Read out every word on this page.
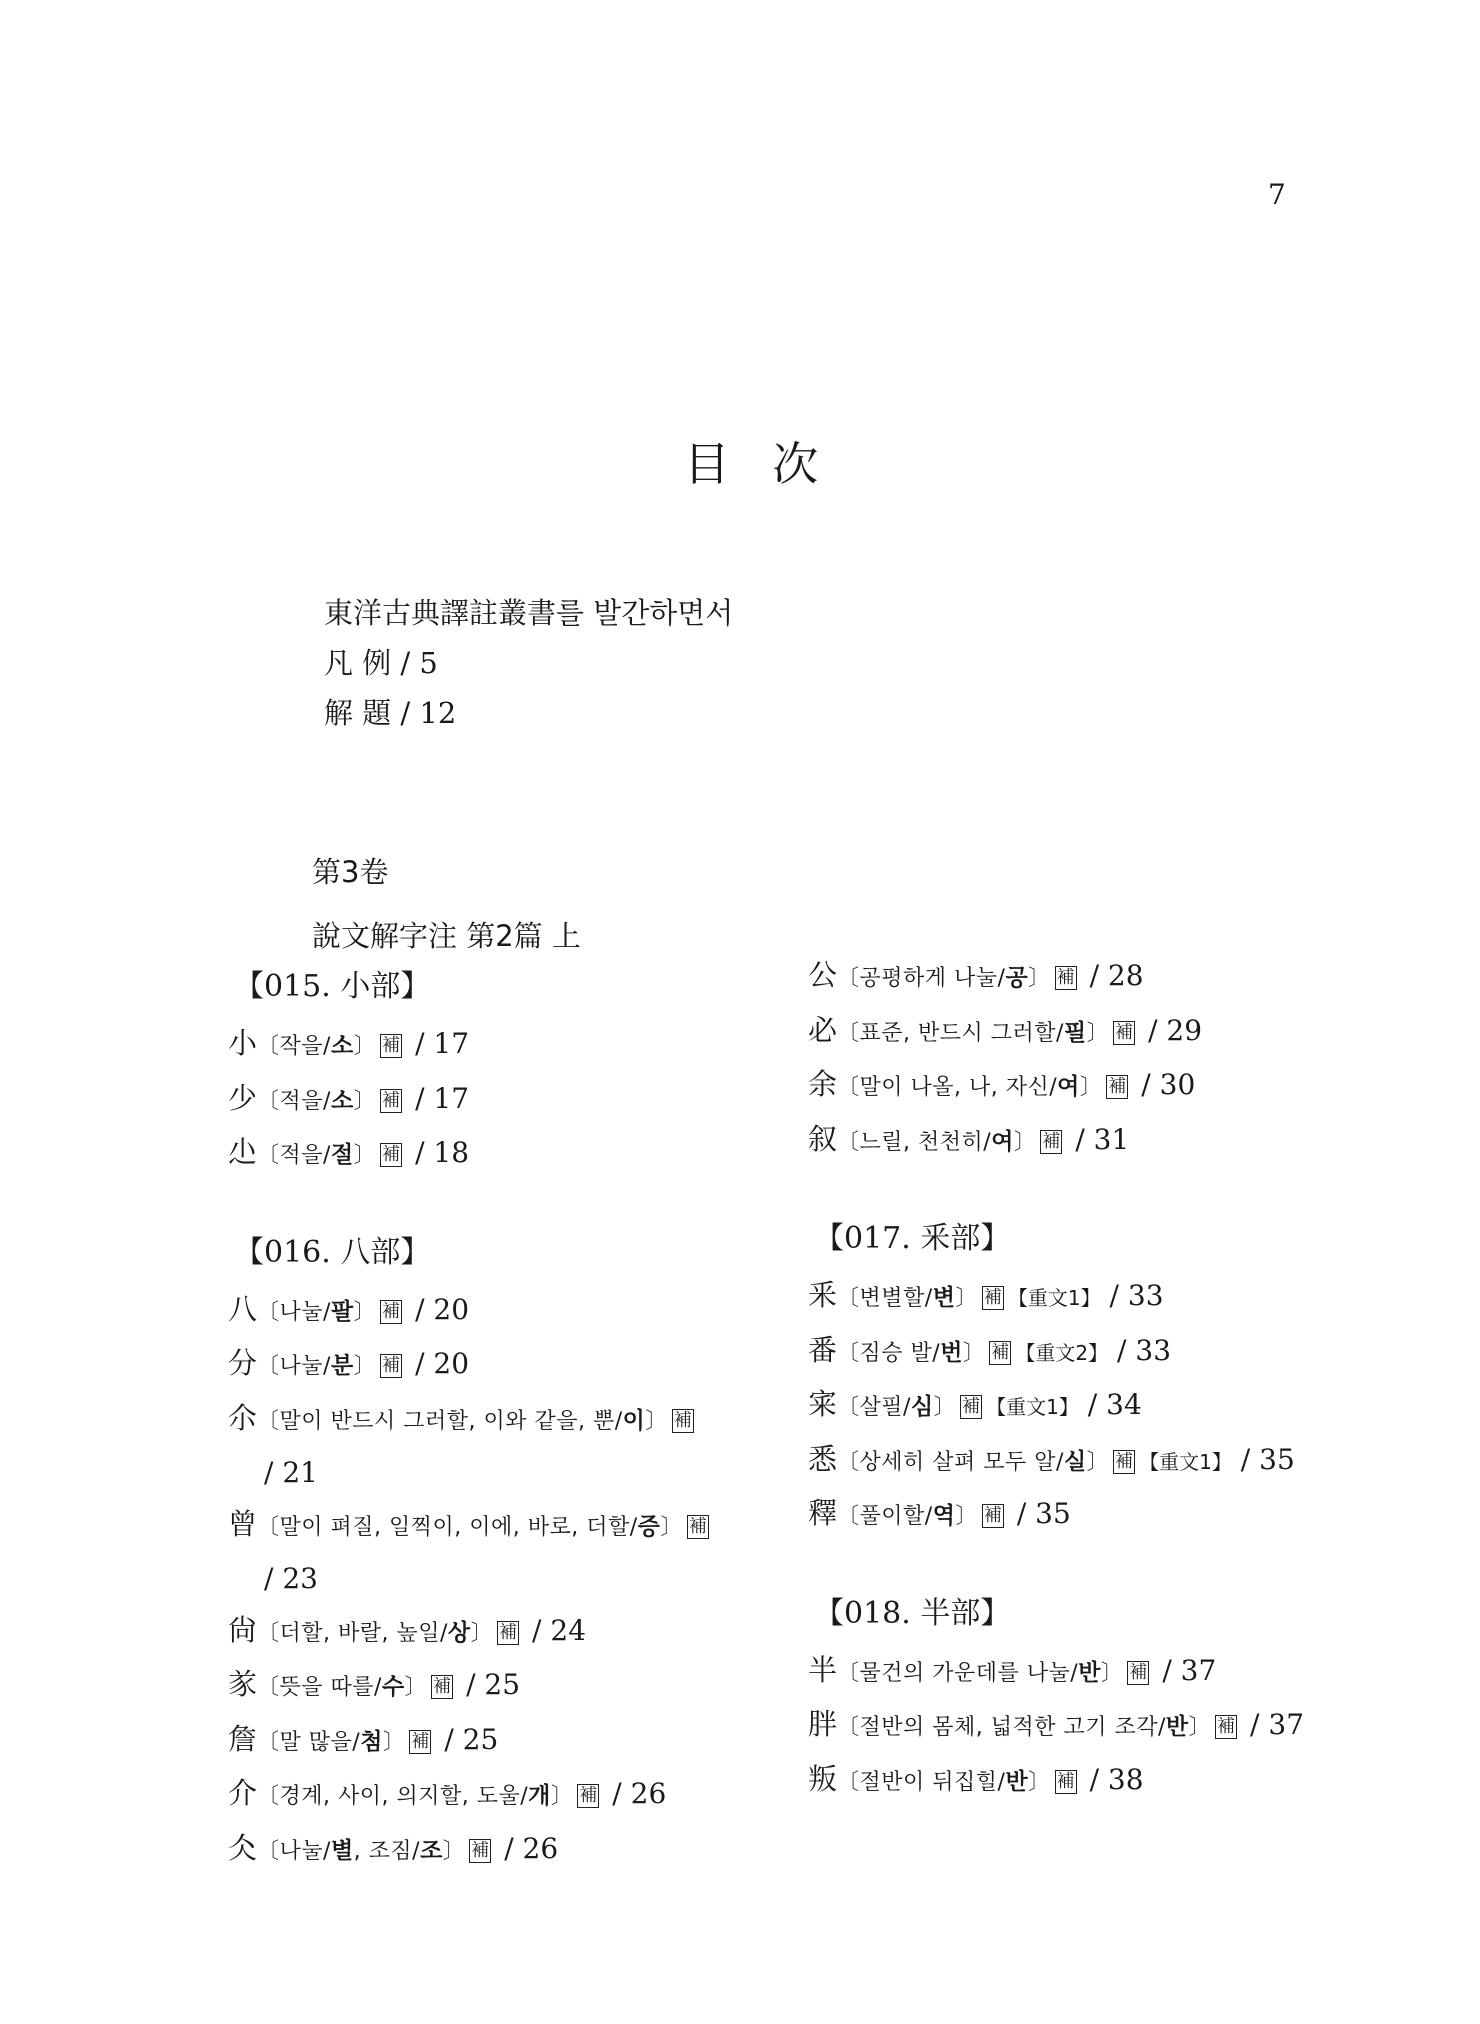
7
目 次
東洋古典譯註叢書를 발간하면서
凡 例 / 5
解 題 / 12
第3卷
說文解字注 第2篇 上
【015. 小部】
小〔작을/소〕 補 / 17
少〔적을/소〕 補 / 17
尐〔적을/절〕 補 / 18
【016. 八部】
八〔나눌/팔〕 補 / 20
分〔나눌/분〕 補 / 20
尒〔말이 반드시 그러할, 이와 같을, 뿐/이〕 補
/ 21
曾〔말이 펴질, 일찍이, 이에, 바로, 더할/증〕 補
/ 23
尙〔더할, 바랄, 높일/상〕 補 / 24
㒸〔뜻을 따를/수〕 補 / 25
詹〔말 많을/첨〕 補 / 25
介〔경계, 사이, 의지할, 도울/개〕 補 / 26
仌〔나눌/별, 조짐/조〕 補 / 26
公〔공평하게 나눌/공〕 補 / 28
必〔표준, 반드시 그러할/필〕 補 / 29
余〔말이 나올, 나, 자신/여〕 補 / 30
叙〔느릴, 천천히/여〕 補 / 31
【017. 釆部】
釆〔변별할/변〕 補 【重文1】 / 33
番〔짐승 발/번〕 補 【重文2】 / 33
宷〔살필/심〕 補 【重文1】 / 34
悉〔상세히 살펴 모두 알/실〕 補 【重文1】 / 35
釋〔풀이할/역〕 補 / 35
【018. 半部】
半〔물건의 가운데를 나눌/반〕 補 / 37
胖〔절반의 몸체, 넓적한 고기 조각/반〕 補 / 37
叛〔절반이 뒤집힐/반〕 補 / 38
